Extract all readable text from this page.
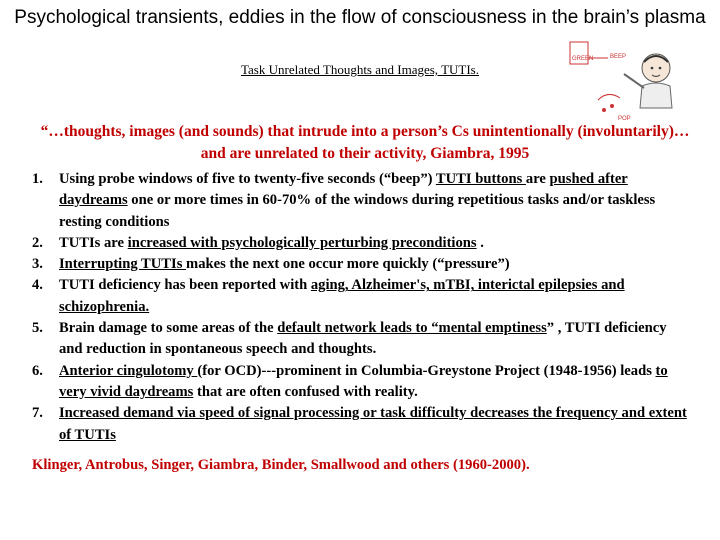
Psychological transients, eddies in the flow of consciousness in the brain’s plasma
Task Unrelated Thoughts and Images, TUTIs.
GREEN	BEEP
POP
“…thoughts, images (and sounds) that intrude into a person’s Cs unintentionally (involuntarily)…and are unrelated to their activity, Giambra, 1995
1. Using probe windows of five to twenty-five seconds (“beep”) TUTI buttons are pushed after daydreams one or more times in 60-70% of the windows during repetitious tasks and/or taskless resting conditions
2. TUTIs are increased with psychologically perturbing preconditions .
3. Interrupting TUTIs makes the next one occur more quickly (“pressure”)
4. TUTI deficiency has been reported with aging, Alzheimer's, mTBI, interictal epilepsies and schizophrenia.
5. Brain damage to some areas of the default network leads to “mental emptiness” , TUTI deficiency and reduction in spontaneous speech and thoughts.
6. Anterior cingulotomy (for OCD)---prominent in Columbia-Greystone Project (1948-1956) leads to very vivid daydreams that are often confused with reality.
7. Increased demand via speed of signal processing or task difficulty decreases the frequency and extent of TUTIs
Klinger, Antrobus, Singer, Giambra, Binder, Smallwood and others (1960-2000).
